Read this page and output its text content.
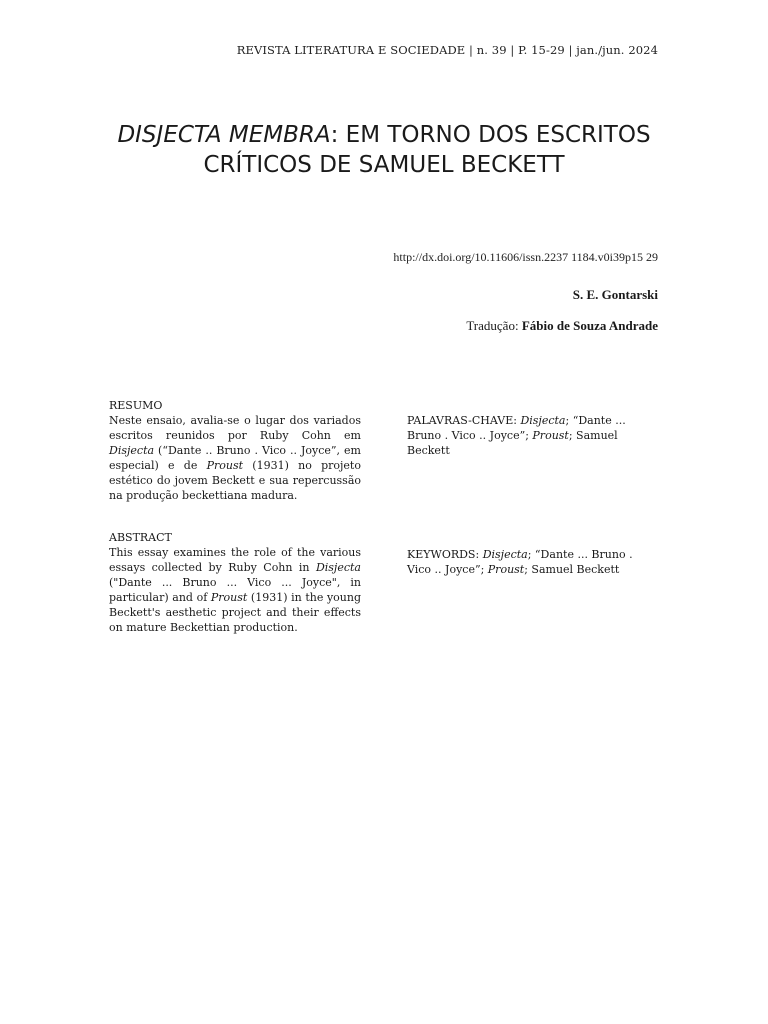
REVISTA LITERATURA E SOCIEDADE | n. 39 | P. 15-29 | jan./jun. 2024
DISJECTA MEMBRA: EM TORNO DOS ESCRITOS
CRÍTICOS DE SAMUEL BECKETT
http://dx.doi.org/10.11606/issn.2237 1184.v0i39p15 29
S. E. Gontarski
Tradução: Fábio de Souza Andrade
RESUMO

Neste ensaio, avalia-se o lugar dos variados escritos reunidos por Ruby Cohn em Disjecta (“Dante .. Bruno . Vico .. Joyce”, em especial) e de Proust (1931) no projeto estético do jovem Beckett e sua repercussão na produção beckettiana madura.

PALAVRAS-CHAVE: Disjecta; “Dante ... Bruno . Vico .. Joyce”; Proust; Samuel Beckett

ABSTRACT

This essay examines the role of the various essays collected by Ruby Cohn in Disjecta ("Dante ... Bruno ... Vico ... Joyce", in particular) and of Proust (1931) in the young Beckett's aesthetic project and their effects on mature Beckettian production.

KEYWORDS: Disjecta; “Dante ... Bruno . Vico .. Joyce”; Proust; Samuel Beckett
